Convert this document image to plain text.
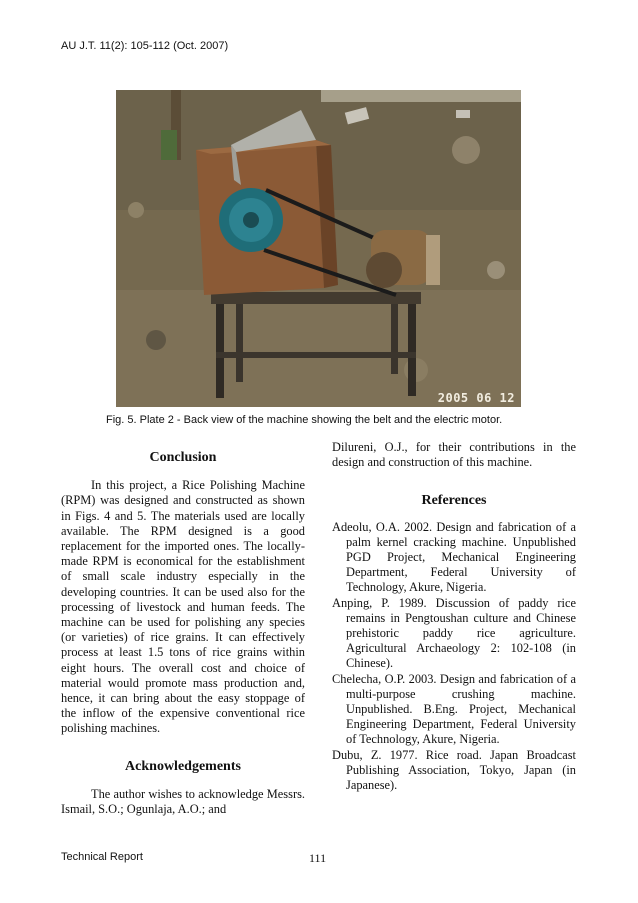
AU J.T. 11(2): 105-112 (Oct. 2007)
2005 06 12
Fig. 5. Plate 2 - Back view of the machine showing the belt and the electric motor.
Conclusion

In this project, a Rice Polishing Machine (RPM) was designed and constructed as shown in Figs. 4 and 5. The materials used are locally available. The RPM designed is a good replacement for the imported ones. The locally-made RPM is economical for the establishment of small scale industry especially in the developing countries. It can be used also for the processing of livestock and human feeds. The machine can be used for polishing any species (or varieties) of rice grains. It can effectively process at least 1.5 tons of rice grains within eight hours. The overall cost and choice of material would promote mass production and, hence, it can bring about the easy stoppage of the inflow of the expensive conventional rice polishing machines.

Acknowledgements

The author wishes to acknowledge Messrs. Ismail, S.O.; Ogunlaja, A.O.; and

Dilureni, O.J., for their contributions in the design and construction of this machine.

References

Adeolu, O.A. 2002. Design and fabrication of a palm kernel cracking machine. Unpublished PGD Project, Mechanical Engineering Department, Federal University of Technology, Akure, Nigeria.

Anping, P. 1989. Discussion of paddy rice remains in Pengtoushan culture and Chinese prehistoric paddy rice agriculture. Agricultural Archaeology 2: 102-108 (in Chinese).

Chelecha, O.P. 2003. Design and fabrication of a multi-purpose crushing machine. Unpublished. B.Eng. Project, Mechanical Engineering Department, Federal University of Technology, Akure, Nigeria.

Dubu, Z. 1977. Rice road. Japan Broadcast Publishing Association, Tokyo, Japan (in Japanese).

Technical Report	111
